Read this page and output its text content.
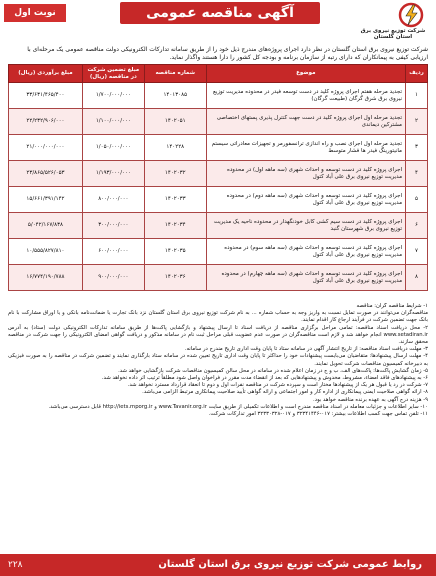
نوبت اول	آگهی مناقصه عمومی
شرکت توزیع نیروی برق استان گلستان
شرکت توزیع نیروی برق استان گلستان در نظر دارد اجرای پروژه‌های مندرج ذیل خود را از طریق سامانه تدارکات الکترونیکی دولت مناقصه عمومی یک مرحله‌ای با ارزیابی کیفی به پیمانکاران که دارای رتبه از سازمان برنامه و بودجه کل کشور را دارا هستند واگذار نماید.
ردیف	موضوع	شماره مناقصه	مبلغ تضمین شرکت در مناقصه (ریال)	مبلغ برآوردی (ریال)
۱	تجدید مرحله هفتم اجرای پروژه کلید در دست توسعه فیدر در محدوده مدیریت توزیع نیروی برق شرق گرگان (طبیعت گرگان)	۱۴۰۱۳۰۸۵	۱/۷۰۰/۰۰۰/۰۰۰	۳۳/۶۳۱/۴۶۵/۴۰۰
۲	تجدید مرحله اول اجرای پروژه کلید در دست جهت کنترل پذیری پستهای اختصاصی مشترکین دیماندی	۱۴۰۲۰۵۱	۱/۱۰۰/۰۰۰/۰۰۰	۲۲/۲۳۲/۹۰۶/۰۰۰
۳	تجدید مرحله اول اجرای نصب و راه اندازی ترانسفورمر و تجهیزات معادراتی سیستم مانیتورینگ فیدر ها فشار متوسط	۱۴۰۲۲۸	۱/۰۵۰/۰۰۰/۰۰۰	۲۱/۰۰۰/۰۰۰/۰۰۰
۴	اجرای پروژه کلید در دست توسعه و احداث شهری (سه ماهه اول) در محدوده مدیریت توزیع نیروی برق علی آباد کتول	۱۴۰۲۰۳۲	۱/۱۹۳/۰۰۰/۰۰۰	۲۳/۸۶۵/۵۲۶/۰۵۳
۵	اجرای پروژه کلید در دست توسعه و احداث شهری (سه ماهه دوم) در محدوده مدیریت توزیع نیروی برق علی آباد کتول	۱۴۰۲۰۳۳	۸۰۰/۰۰۰/۰۰۰	۱۵/۶۶۱/۳۹۱/۱۴۲
۶	اجرای پروژه کلید در دست سیم کشی کابل خودنگهدار در محدوده ناحیه یک مدیریت توزیع نیروی برق شهرستان گنبد	۱۴۰۲۰۳۴	۳۰۰/۰۰۰/۰۰۰	۵/۰۴۲/۱۶۷/۸۳۸
۷	اجرای پروژه کلید در دست توسعه و احداث شهری (سه ماهه سوم) در محدوده مدیریت توزیع نیروی برق علی آباد کتول	۱۴۰۲۰۳۵	۶۰۰/۰۰۰/۰۰۰	۱۰/۵۵۵/۸۲۷/۸۱۰
۸	اجرای پروژه کلید در دست توسعه و احداث شهری (سه ماهه چهارم) در محدوده مدیریت توزیع نیروی برق علی آباد کتول	۱۴۰۲۰۳۶	۹۰۰/۰۰۰/۰۰۰	۱۶/۷۷۴/۱۹۰/۷۸۸

۱- شرایط مناقصه گران: مناقصه

مناقصه‌گران می‌توانند در صورت تمایل نسبت به واریز وجه به حساب شماره ... به نام شرکت توزیع نیروی برق استان گلستان نزد بانک تجارت یا ضمانت‌نامه بانکی و یا اوراق مشارکت با نام بانک جهت تضمین شرکت در فرآیند ارجاع کار اقدام نمایند.

۲- محل دریافت اسناد مناقصه: تمامی مراحل برگزاری مناقصه از دریافت اسناد تا ارسال پیشنهاد و بازگشایی پاکت‌ها از طریق سامانه تدارکات الکترونیکی دولت (ستاد) به آدرس www.setadiran.ir انجام خواهد شد و لازم است مناقصه‌گران در صورت عدم عضویت قبلی مراحل ثبت نام در سامانه مذکور و دریافت گواهی امضای الکترونیکی را جهت شرکت در مناقصه محقق سازند.

۳- مهلت دریافت اسناد مناقصه: از تاریخ انتشار آگهی در سامانه ستاد تا پایان وقت اداری تاریخ مندرج در سامانه.

۴- مهلت ارسال پیشنهادها: متقاضیان می‌بایست پیشنهادات خود را حداکثر تا پایان وقت اداری تاریخ تعیین شده در سامانه ستاد بارگذاری نمایند و تضمین شرکت در مناقصه را به صورت فیزیکی به دبیرخانه کمیسیون مناقصات شرکت تحویل نمایند.

۵- زمان گشایش پاکت‌ها: پاکت‌های الف، ب و ج در زمان اعلام شده در سامانه در محل سالن کمیسیون مناقصات شرکت بازگشایی خواهد شد.

۶- به پیشنهادهای فاقد امضاء، مشروط، مخدوش و پیشنهادهایی که بعد از انقضاء مدت مقرر در فراخوان واصل شود مطلقاً ترتیب اثر داده نخواهد شد.

۷- شرکت در رد یا قبول هر یک از پیشنهادها مختار است و سپرده شرکت در مناقصه نفرات اول و دوم تا انعقاد قرارداد مسترد نخواهد شد.

۸- ارائه گواهی صلاحیت ایمنی پیمانکاری از اداره کار و امور اجتماعی و ارائه گواهی تأیید صلاحیت پیمانکاری مرتبط الزامی می‌باشد.

۹- هزینه درج آگهی به عهده برنده مناقصه خواهد بود.

۱۰- سایر اطلاعات و جزئیات معامله در اسناد مناقصه مندرج است و اطلاعات تکمیلی از طریق سایت www.Tavanir.org.ir و http://iets.mporg.ir قابل دسترسی می‌باشد.

۱۱- تلفن تماس جهت کسب اطلاعات بیشتر: ۰۱۷-۳۲۳۴۱۴۴۶ و ۰۱۷-۳۲۳۳۰۳۲۸ امور تدارکات شرکت.

روابط عمومی شرکت توزیع نیروی برق استان گلستان
۲۲۸
